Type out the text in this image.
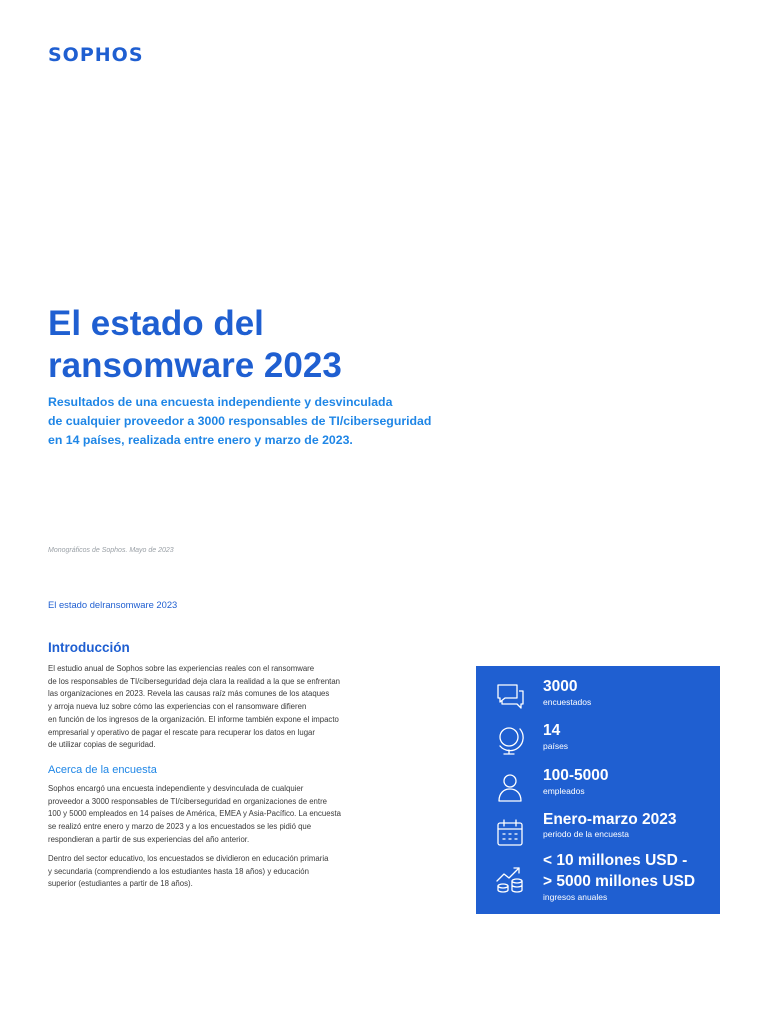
SOPHOS
El estado del
ransomware 2023
Resultados de una encuesta independiente y desvinculada
de cualquier proveedor a 3000 responsables de TI/ciberseguridad
en 14 países, realizada entre enero y marzo de 2023.
Monográficos de Sophos. Mayo de 2023
El estado delransomware 2023
Introducción
El estudio anual de Sophos sobre las experiencias reales con el ransomware
de los responsables de TI/ciberseguridad deja clara la realidad a la que se enfrentan
las organizaciones en 2023. Revela las causas raíz más comunes de los ataques
y arroja nueva luz sobre cómo las experiencias con el ransomware difieren
en función de los ingresos de la organización. El informe también expone el impacto
empresarial y operativo de pagar el rescate para recuperar los datos en lugar
de utilizar copias de seguridad.
Acerca de la encuesta
Sophos encargó una encuesta independiente y desvinculada de cualquier
proveedor a 3000 responsables de TI/ciberseguridad en organizaciones de entre
100 y 5000 empleados en 14 países de América, EMEA y Asia-Pacífico. La encuesta
se realizó entre enero y marzo de 2023 y a los encuestados se les pidió que
respondieran a partir de sus experiencias del año anterior.
Dentro del sector educativo, los encuestados se dividieron en educación primaria
y secundaria (comprendiendo a los estudiantes hasta 18 años) y educación
superior (estudiantes a partir de 18 años).
3000
encuestados
14
países
100-5000
empleados
Enero-marzo 2023
periodo de la encuesta
< 10 millones USD -
> 5000 millones USD
ingresos anuales
